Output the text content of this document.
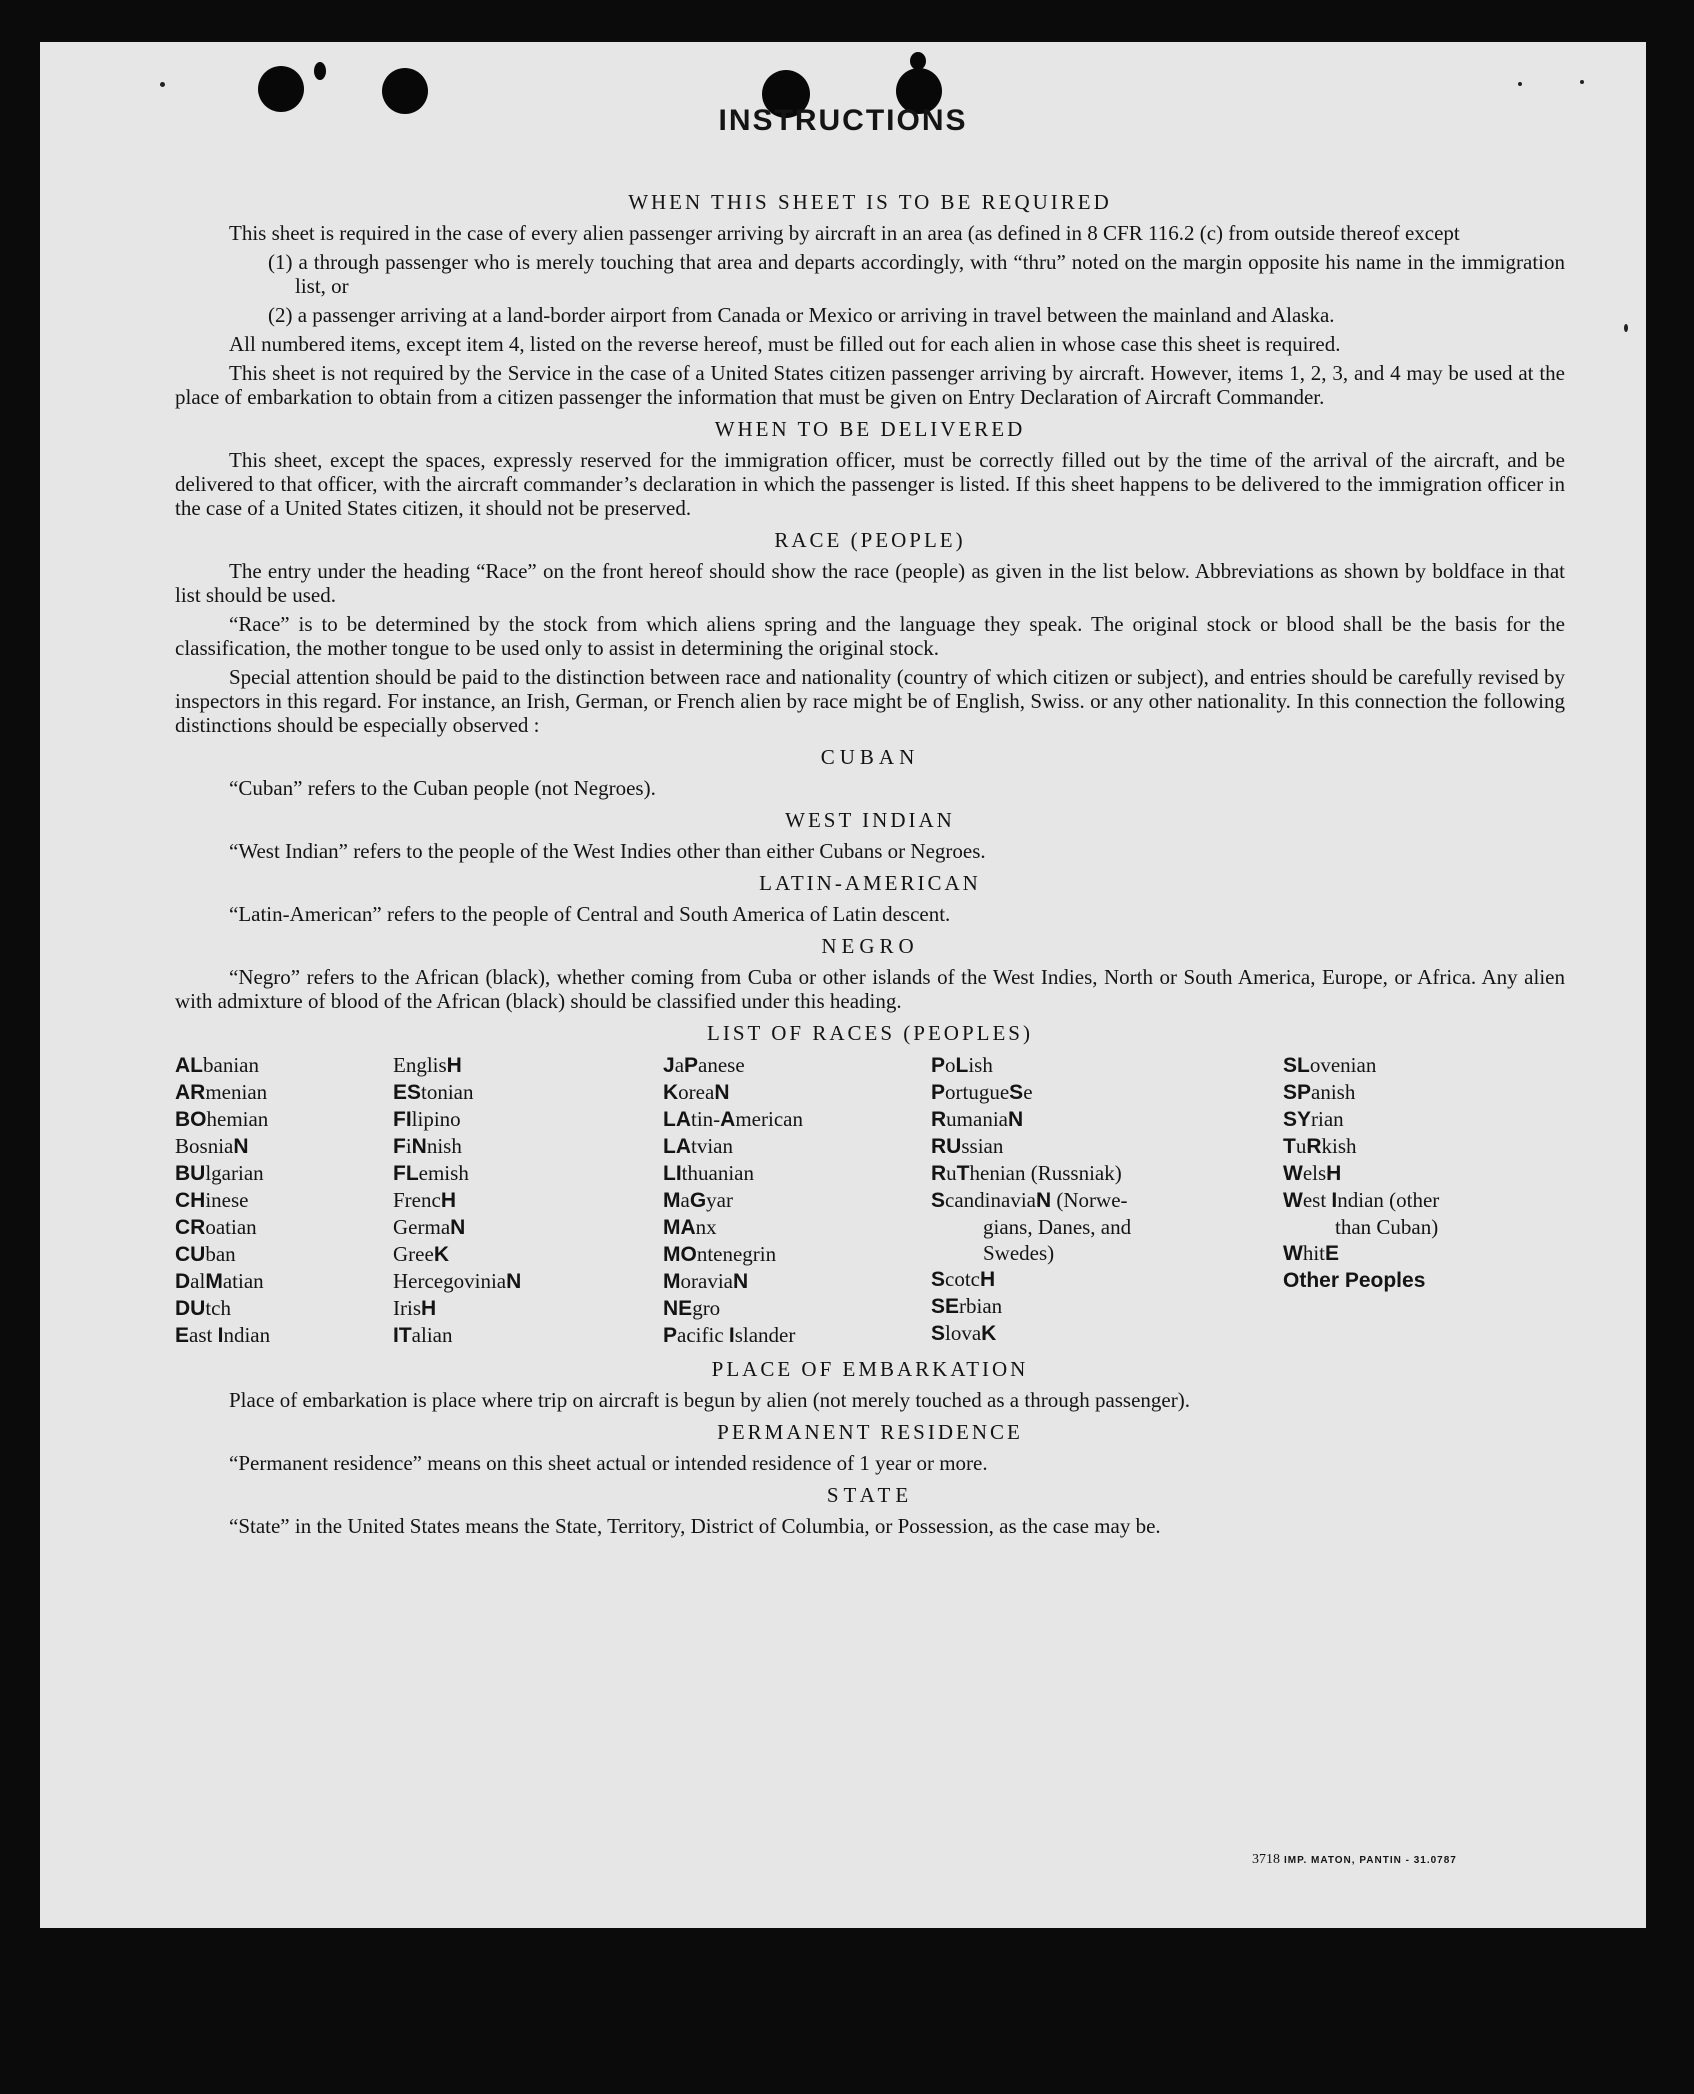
INSTRUCTIONS
WHEN THIS SHEET IS TO BE REQUIRED

This sheet is required in the case of every alien passenger arriving by aircraft in an area (as defined in 8 CFR 116.2 (c) from outside thereof except

(1) a through passenger who is merely touching that area and departs accordingly, with “thru” noted on the margin opposite his name in the immigration list, or

(2) a passenger arriving at a land-border airport from Canada or Mexico or arriving in travel between the mainland and Alaska.

All numbered items, except item 4, listed on the reverse hereof, must be filled out for each alien in whose case this sheet is required.

This sheet is not required by the Service in the case of a United States citizen passenger arriving by aircraft. However, items 1, 2, 3, and 4 may be used at the place of embarkation to obtain from a citizen passenger the information that must be given on Entry Declaration of Aircraft Commander.

WHEN TO BE DELIVERED

This sheet, except the spaces, expressly reserved for the immigration officer, must be correctly filled out by the time of the arrival of the aircraft, and be delivered to that officer, with the aircraft commander’s declaration in which the passenger is listed. If this sheet happens to be delivered to the immigration officer in the case of a United States citizen, it should not be preserved.

RACE (PEOPLE)

The entry under the heading “Race” on the front hereof should show the race (people) as given in the list below. Abbreviations as shown by boldface in that list should be used.

“Race” is to be determined by the stock from which aliens spring and the language they speak. The original stock or blood shall be the basis for the classification, the mother tongue to be used only to assist in determining the original stock.

Special attention should be paid to the distinction between race and nationality (country of which citizen or subject), and entries should be carefully revised by inspectors in this regard. For instance, an Irish, German, or French alien by race might be of English, Swiss. or any other nationality. In this connection the following distinctions should be especially observed :

CUBAN

“Cuban” refers to the Cuban people (not Negroes).

WEST INDIAN

“West Indian” refers to the people of the West Indies other than either Cubans or Negroes.

LATIN-AMERICAN

“Latin-American” refers to the people of Central and South America of Latin descent.

NEGRO

“Negro” refers to the African (black), whether coming from Cuba or other islands of the West Indies, North or South America, Europe, or Africa. Any alien with admixture of blood of the African (black) should be classified under this heading.

LIST OF RACES (PEOPLES)
ALbanian
ARmenian
BOhemian
BosniaN
BUlgarian
CHinese
CRoatian
CUban
DalMatian
DUtch
East Indian
EnglisH
EStonian
FIlipino
FiNnish
FLemish
FrencH
GermaN
GreeK
HercegoviniaN
IrisH
ITalian
JaPanese
KoreaN
LAtin-American
LAtvian
LIthuanian
MaGyar
MAnx
MOntenegrin
MoraviaN
NEgro
Pacific Islander
PoLish
PortugueSe
RumaniaN
RUssian
RuThenian (Russniak)
ScandinaviaN (Norwe-
gians, Danes, and
Swedes)
ScotcH
SErbian
SlovaK
SLovenian
SPanish
SYrian
TuRkish
WelsH
West Indian (other
than Cuban)
WhitE
Other Peoples
PLACE OF EMBARKATION

Place of embarkation is place where trip on aircraft is begun by alien (not merely touched as a through passenger).

PERMANENT RESIDENCE

“Permanent residence” means on this sheet actual or intended residence of 1 year or more.

STATE

“State” in the United States means the State, Territory, District of Columbia, or Possession, as the case may be.

3718 IMP. MATON, PANTIN - 31.0787
